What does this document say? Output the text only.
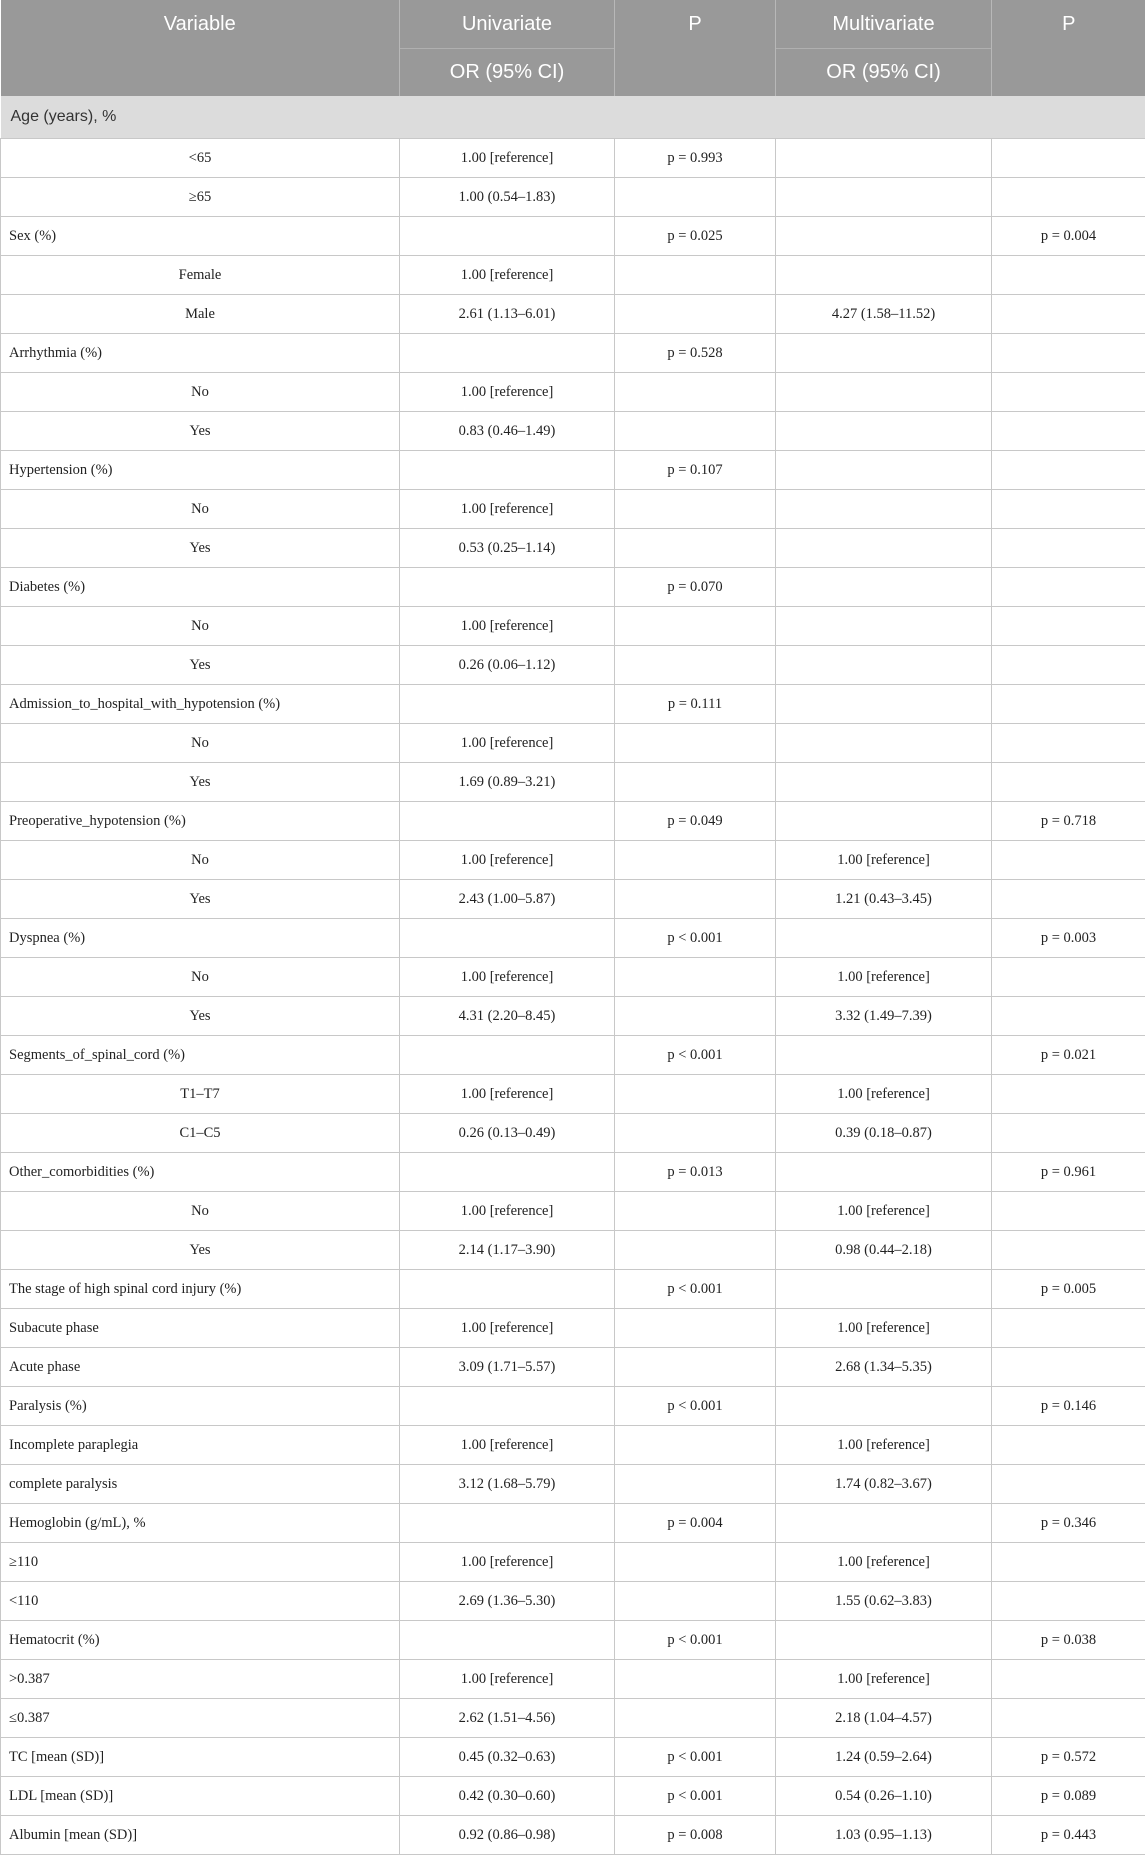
Variable	Univariate	P	Multivariate	P
	OR (95% CI)		OR (95% CI)	
Age (years), %				
<65	1.00 [reference]	p = 0.993		
≥65	1.00 (0.54–1.83)			
Sex (%)		p = 0.025		p = 0.004
Female	1.00 [reference]			
Male	2.61 (1.13–6.01)		4.27 (1.58–11.52)	
Arrhythmia (%)		p = 0.528		
No	1.00 [reference]			
Yes	0.83 (0.46–1.49)			
Hypertension (%)		p = 0.107		
No	1.00 [reference]			
Yes	0.53 (0.25–1.14)			
Diabetes (%)		p = 0.070		
No	1.00 [reference]			
Yes	0.26 (0.06–1.12)			
Admission_to_hospital_with_hypotension (%)		p = 0.111		
No	1.00 [reference]			
Yes	1.69 (0.89–3.21)			
Preoperative_hypotension (%)		p = 0.049		p = 0.718
No	1.00 [reference]		1.00 [reference]	
Yes	2.43 (1.00–5.87)		1.21 (0.43–3.45)	
Dyspnea (%)		p < 0.001		p = 0.003
No	1.00 [reference]		1.00 [reference]	
Yes	4.31 (2.20–8.45)		3.32 (1.49–7.39)	
Segments_of_spinal_cord (%)		p < 0.001		p = 0.021
T1–T7	1.00 [reference]		1.00 [reference]	
C1–C5	0.26 (0.13–0.49)		0.39 (0.18–0.87)	
Other_comorbidities (%)		p = 0.013		p = 0.961
No	1.00 [reference]		1.00 [reference]	
Yes	2.14 (1.17–3.90)		0.98 (0.44–2.18)	
The stage of high spinal cord injury (%)		p < 0.001		p = 0.005
Subacute phase	1.00 [reference]		1.00 [reference]	
Acute phase	3.09 (1.71–5.57)		2.68 (1.34–5.35)	
Paralysis (%)		p < 0.001		p = 0.146
Incomplete paraplegia	1.00 [reference]		1.00 [reference]	
complete paralysis	3.12 (1.68–5.79)		1.74 (0.82–3.67)	
Hemoglobin (g/mL), %		p = 0.004		p = 0.346
≥110	1.00 [reference]		1.00 [reference]	
<110	2.69 (1.36–5.30)		1.55 (0.62–3.83)	
Hematocrit (%)		p < 0.001		p = 0.038
>0.387	1.00 [reference]		1.00 [reference]	
≤0.387	2.62 (1.51–4.56)		2.18 (1.04–4.57)	
TC [mean (SD)]	0.45 (0.32–0.63)	p < 0.001	1.24 (0.59–2.64)	p = 0.572
LDL [mean (SD)]	0.42 (0.30–0.60)	p < 0.001	0.54 (0.26–1.10)	p = 0.089
Albumin [mean (SD)]	0.92 (0.86–0.98)	p = 0.008	1.03 (0.95–1.13)	p = 0.443
